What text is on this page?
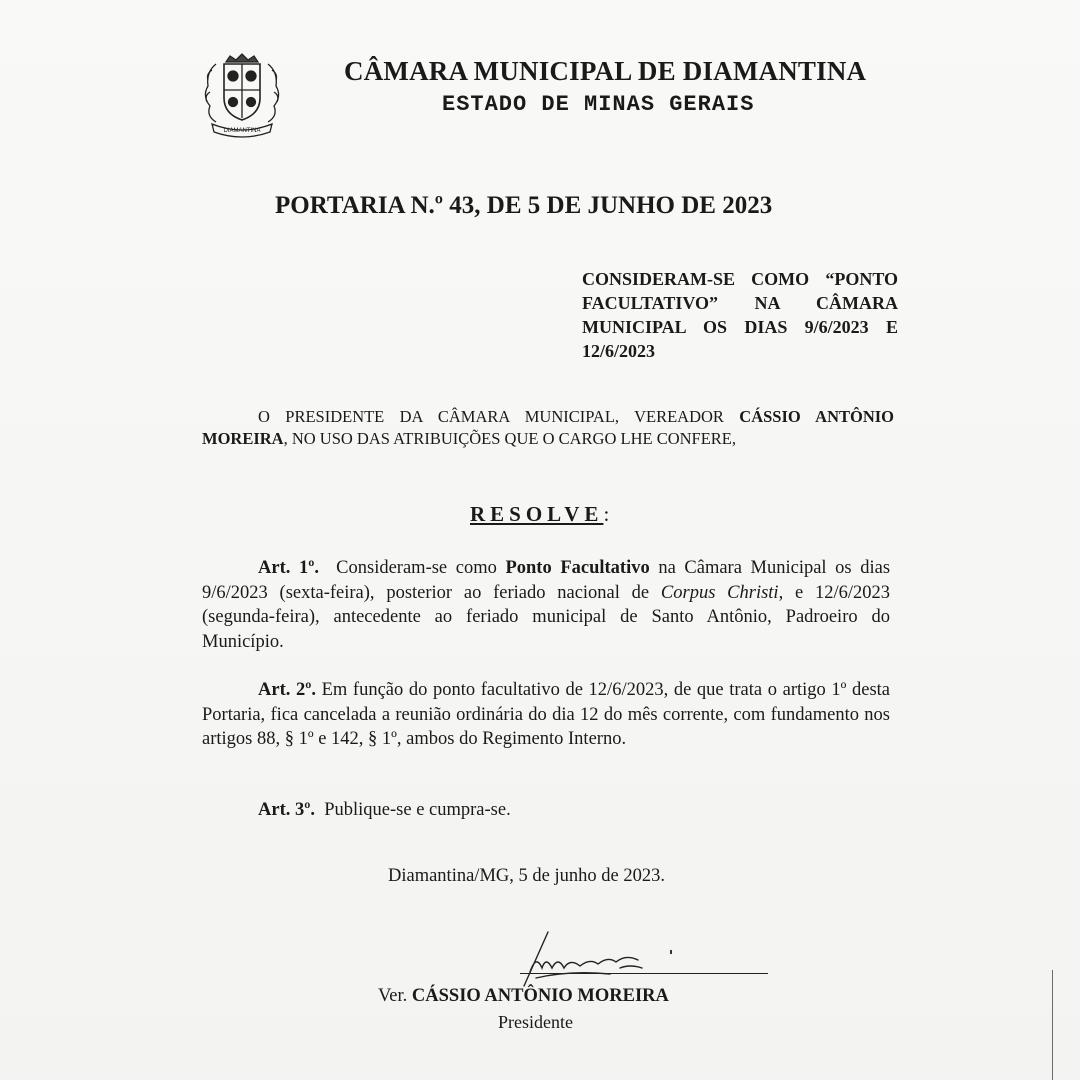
DIAMANTINA
CÂMARA MUNICIPAL DE DIAMANTINA
ESTADO DE MINAS GERAIS
PORTARIA N.º 43, DE 5 DE JUNHO DE 2023
CONSIDERAM-SE COMO “PONTO FACULTATIVO” NA CÂMARA MUNICIPAL OS DIAS 9/6/2023 E 12/6/2023
O PRESIDENTE DA CÂMARA MUNICIPAL, VEREADOR CÁSSIO ANTÔNIO MOREIRA, NO USO DAS ATRIBUIÇÕES QUE O CARGO LHE CONFERE,
RESOLVE:
Art. 1º. Consideram-se como Ponto Facultativo na Câmara Municipal os dias 9/6/2023 (sexta-feira), posterior ao feriado nacional de Corpus Christi, e 12/6/2023 (segunda-feira), antecedente ao feriado municipal de Santo Antônio, Padroeiro do Município.
Art. 2º. Em função do ponto facultativo de 12/6/2023, de que trata o artigo 1º desta Portaria, fica cancelada a reunião ordinária do dia 12 do mês corrente, com fundamento nos artigos 88, § 1º e 142, § 1º, ambos do Regimento Interno.
Art. 3º. Publique-se e cumpra-se.
Diamantina/MG, 5 de junho de 2023.
Ver. CÁSSIO ANTÔNIO MOREIRA
Presidente
